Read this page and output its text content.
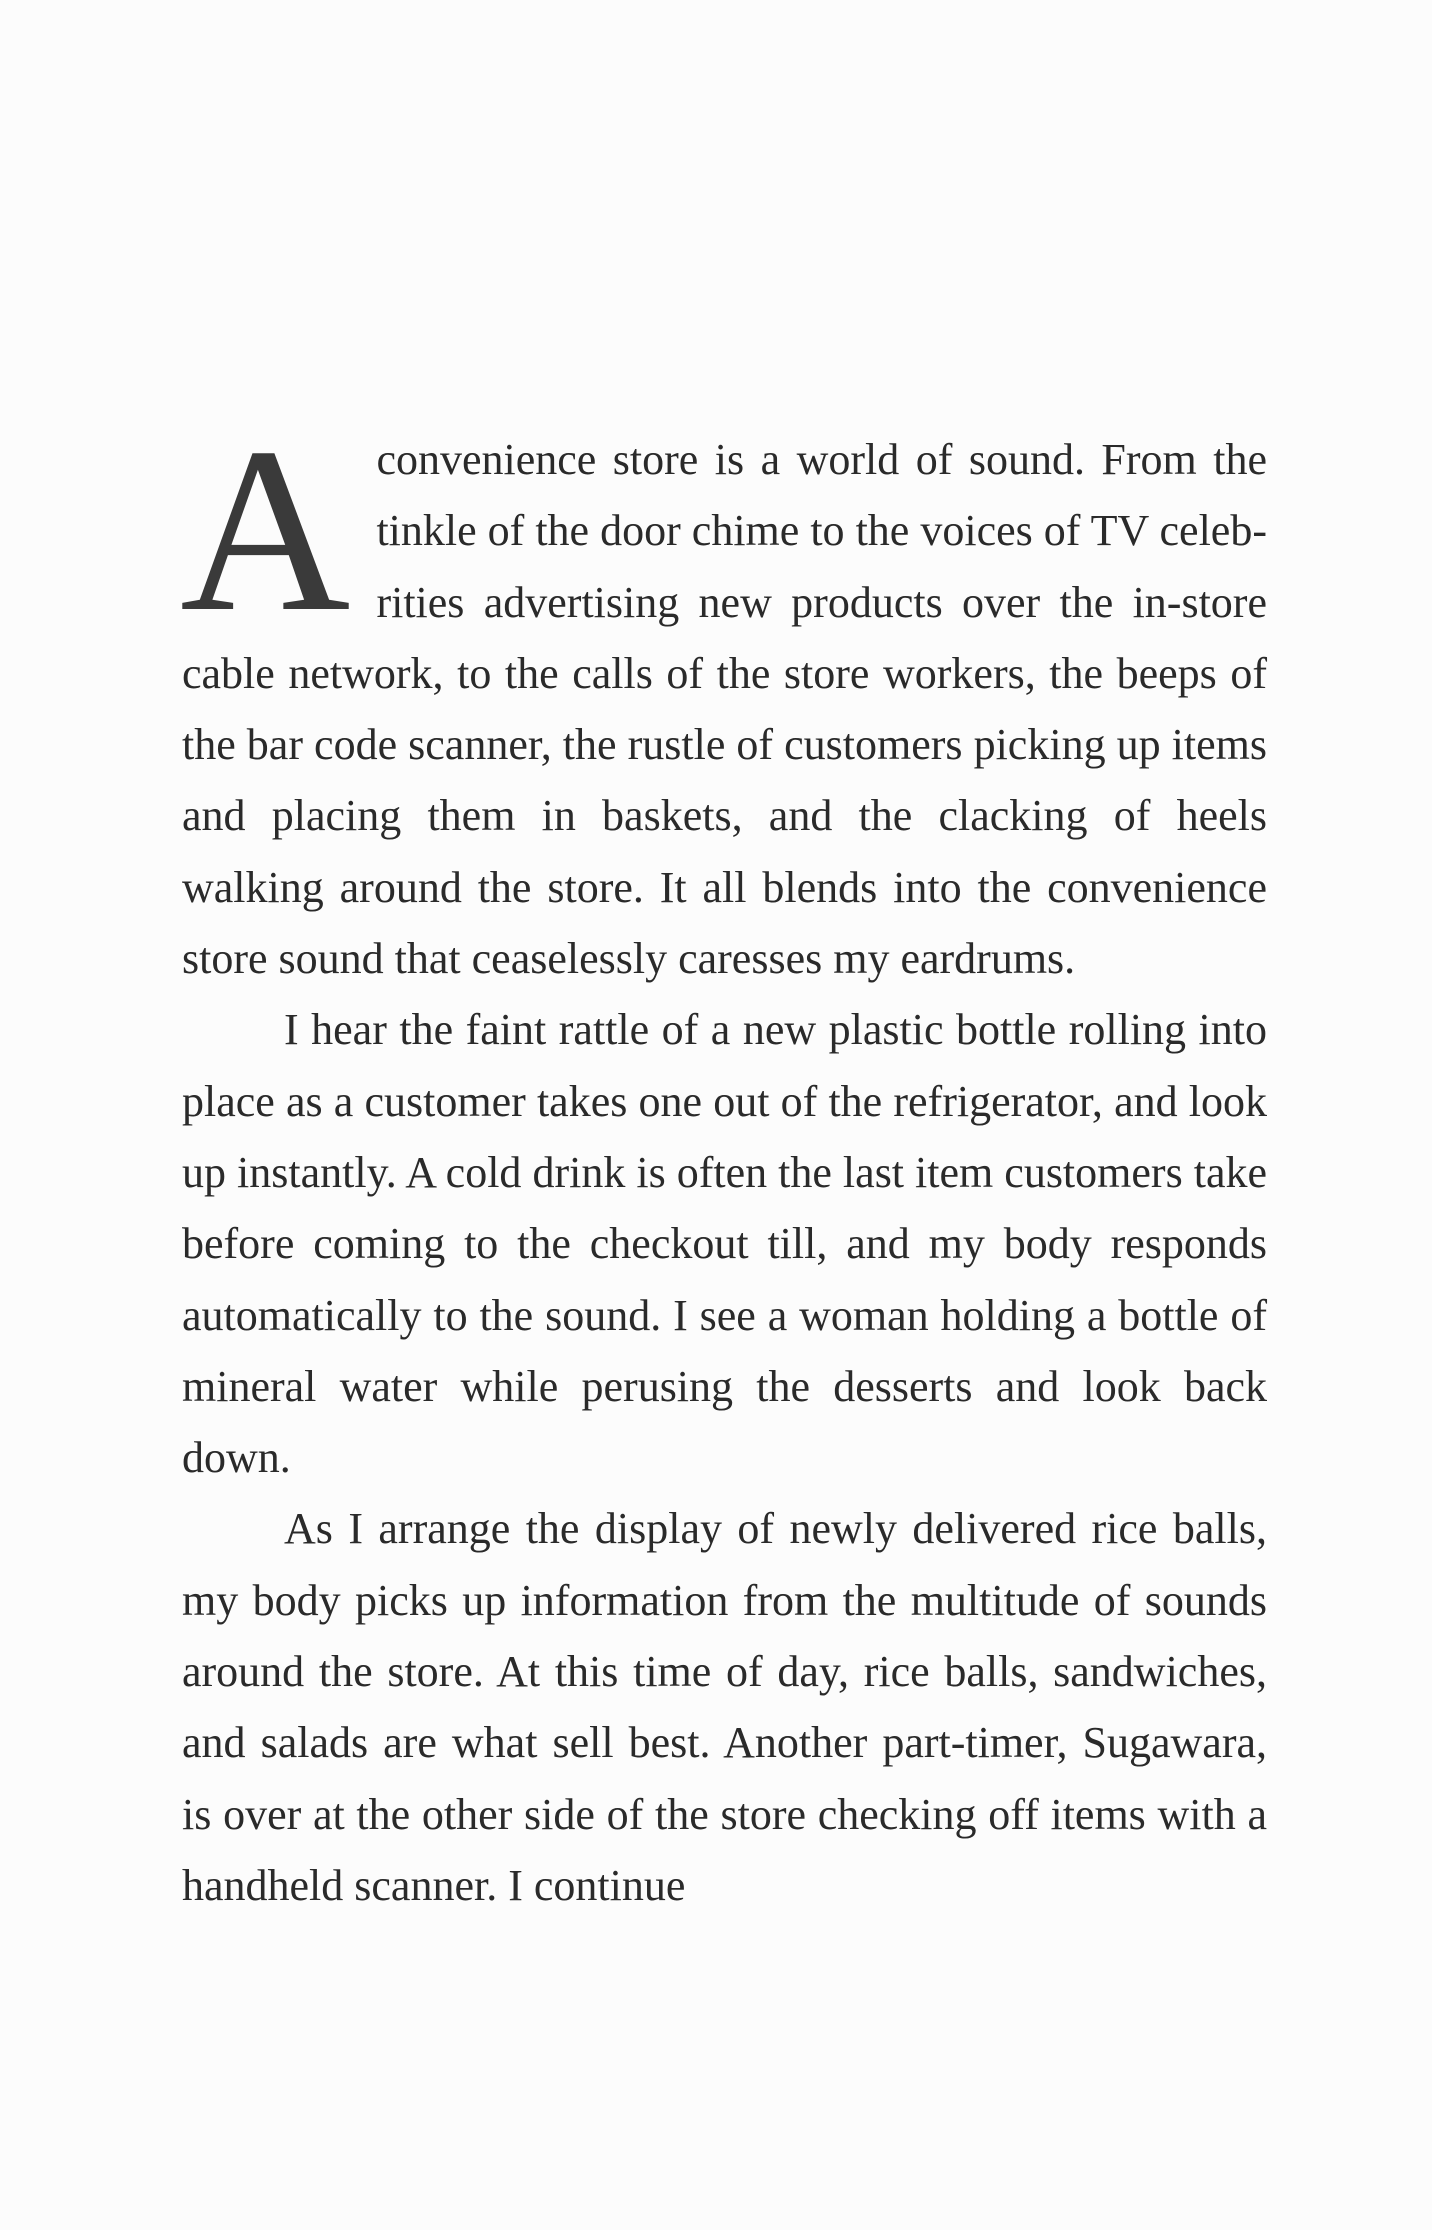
A convenience store is a world of sound. From the tinkle of the door chime to the voices of TV celebrities advertising new products over the in-store cable network, to the calls of the store workers, the beeps of the bar code scanner, the rustle of customers picking up items and placing them in baskets, and the clacking of heels walking around the store. It all blends into the convenience store sound that ceaselessly caresses my eardrums.

I hear the faint rattle of a new plastic bottle rolling into place as a customer takes one out of the refrigerator, and look up instantly. A cold drink is often the last item customers take before coming to the checkout till, and my body responds automatically to the sound. I see a woman holding a bottle of mineral water while perusing the desserts and look back down.

As I arrange the display of newly delivered rice balls, my body picks up information from the multitude of sounds around the store. At this time of day, rice balls, sandwiches, and salads are what sell best. Another part-timer, Sugawara, is over at the other side of the store checking off items with a handheld scanner. I continue
